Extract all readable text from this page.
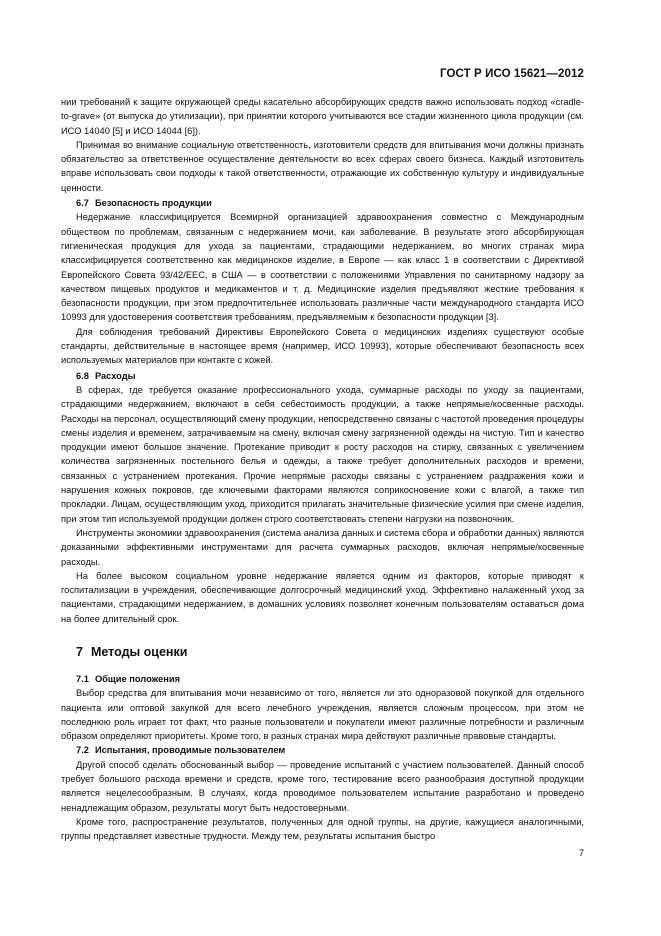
ГОСТ Р ИСО 15621—2012

нии требований к защите окружающей среды касательно абсорбирующих средств важно использовать подход «cradle-to-grave» (от выпуска до утилизации), при принятии которого учитываются все стадии жизненного цикла продукции (см. ИСО 14040 [5] и ИСО 14044 [6]).

Принимая во внимание социальную ответственность, изготовители средств для впитывания мочи должны признать обязательство за ответственное осуществление деятельности во всех сферах своего бизнеса. Каждый изготовитель вправе использовать свои подходы к такой ответственности, отражающие их собственную культуру и индивидуальные ценности.

6.7 Безопасность продукции

Недержание классифицируется Всемирной организацией здравоохранения совместно с Международным обществом по проблемам, связанным с недержанием мочи, как заболевание. В результате этого абсорбирующая гигиеническая продукция для ухода за пациентами, страдающими недержанием, во многих странах мира классифицируется соответственно как медицинское изделие, в Европе — как класс 1 в соответствии с Директивой Европейского Совета 93/42/ЕЕС, в США — в соответствии с положениями Управления по санитарному надзору за качеством пищевых продуктов и медикаментов и т. д. Медицинские изделия предъявляют жесткие требования к безопасности продукции, при этом предпочтительнее использовать различные части международного стандарта ИСО 10993 для удостоверения соответствия требованиям, предъявляемым к безопасности продукции [3].

Для соблюдения требований Директивы Европейского Совета о медицинских изделиях существуют особые стандарты, действительные в настоящее время (например, ИСО 10993), которые обеспечивают безопасность всех используемых материалов при контакте с кожей.

6.8 Расходы

В сферах, где требуется оказание профессионального ухода, суммарные расходы по уходу за пациентами, страдающими недержанием, включают в себя себестоимость продукции, а также непрямые/косвенные расходы. Расходы на персонал, осуществляющий смену продукции, непосредственно связаны с частотой проведения процедуры смены изделия и временем, затрачиваемым на смену, включая смену загрязненной одежды на чистую. Тип и качество продукции имеют большое значение. Протекание приводит к росту расходов на стирку, связанных с увеличением количества загрязненных постельного белья и одежды, а также требует дополнительных расходов и времени, связанных с устранением протекания. Прочие непрямые расходы связаны с устранением раздражения кожи и нарушения кожных покровов, где ключевыми факторами являются соприкосновение кожи с влагой, а также тип прокладки. Лицам, осуществляющим уход, приходится прилагать значительные физические усилия при смене изделия, при этом тип используемой продукции должен строго соответствовать степени нагрузки на позвоночник.

Инструменты экономики здравоохранения (система анализа данных и система сбора и обработки данных) являются доказанными эффективными инструментами для расчета суммарных расходов, включая непрямые/косвенные расходы.

На более высоком социальном уровне недержание является одним из факторов, которые приводят к госпитализации в учреждения, обеспечивающие долгосрочный медицинский уход. Эффективно налаженный уход за пациентами, страдающими недержанием, в домашних условиях позволяет конечным пользователям оставаться дома на более длительный срок.

7 Методы оценки
7.1 Общие положения

Выбор средства для впитывания мочи независимо от того, является ли это одноразовой покупкой для отдельного пациента или оптовой закупкой для всего лечебного учреждения, является сложным процессом, при этом не последнюю роль играет тот факт, что разные пользователи и покупатели имеют различные потребности и различным образом определяют приоритеты. Кроме того, в разных странах мира действуют различные правовые стандарты.

7.2 Испытания, проводимые пользователем

Другой способ сделать обоснованный выбор — проведение испытаний с участием пользователей. Данный способ требует большого расхода времени и средств, кроме того, тестирование всего разнообразия доступной продукции является нецелесообразным. В случаях, когда проводимое пользователем испытание разработано и проведено ненадлежащим образом, результаты могут быть недостоверными.

Кроме того, распространение результатов, полученных для одной группы, на другие, кажущиеся аналогичными, группы представляет известные трудности. Между тем, результаты испытания быстро

7
